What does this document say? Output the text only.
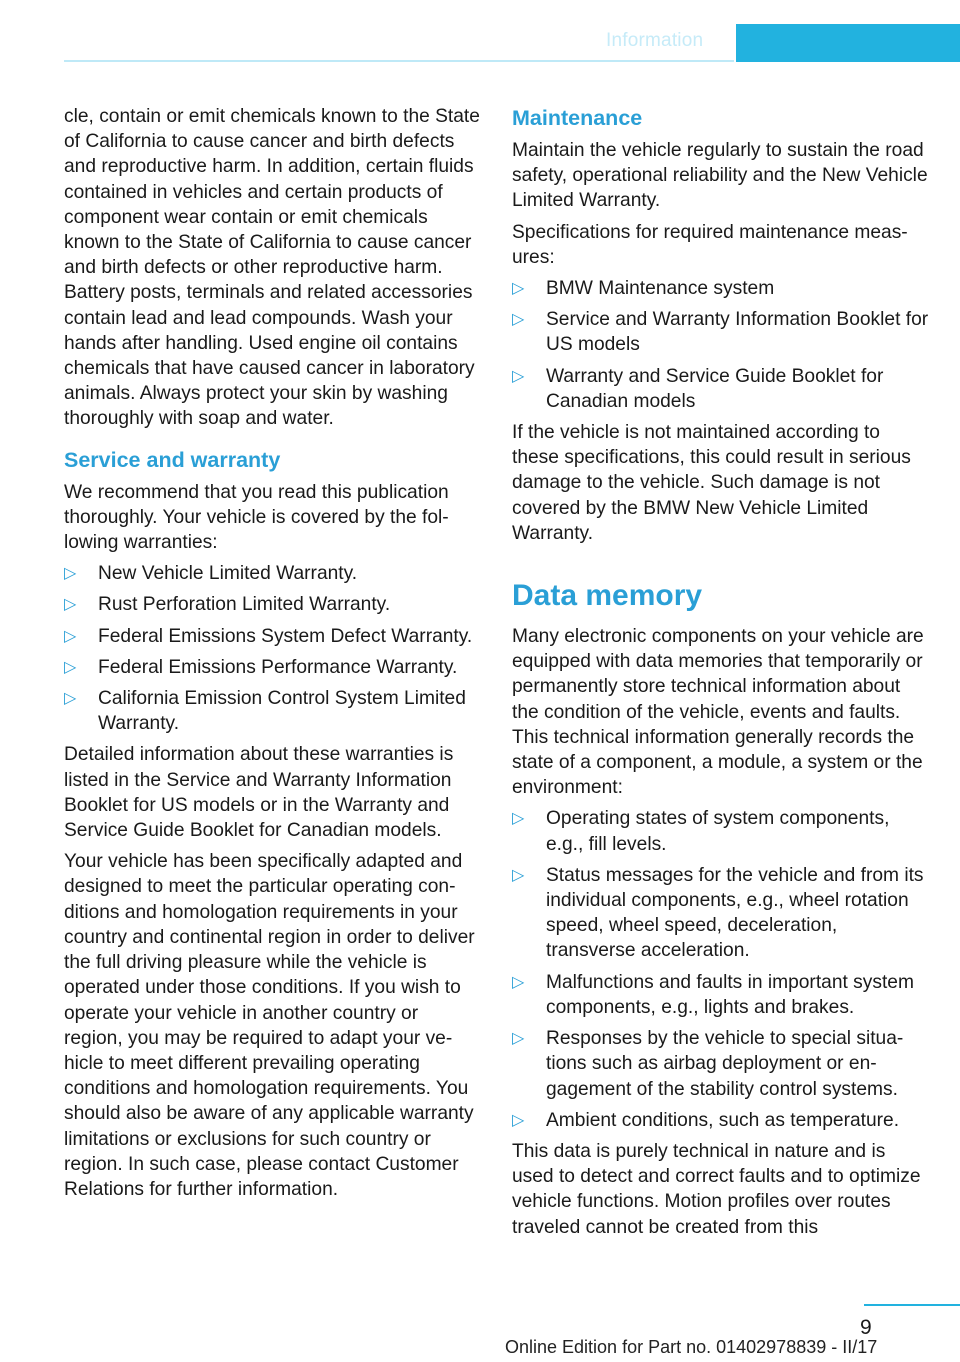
Information

cle, contain or emit chemicals known to the State of California to cause cancer and birth defects and reproductive harm. In addition, certain fluids contained in vehicles and certain products of component wear contain or emit chemicals known to the State of California to cause cancer and birth defects or other reproductive harm. Battery posts, terminals and related accessories contain lead and lead compounds. Wash your hands after handling. Used engine oil contains chemicals that have caused cancer in laboratory animals. Always protect your skin by washing thoroughly with soap and water.

Service and warranty

We recommend that you read this publication thoroughly. Your vehicle is covered by the following warranties:

▷ New Vehicle Limited Warranty.
▷ Rust Perforation Limited Warranty.
▷ Federal Emissions System Defect Warranty.
▷ Federal Emissions Performance Warranty.
▷ California Emission Control System Limited Warranty.

Detailed information about these warranties is listed in the Service and Warranty Information Booklet for US models or in the Warranty and Service Guide Booklet for Canadian models.

Your vehicle has been specifically adapted and designed to meet the particular operating conditions and homologation requirements in your country and continental region in order to deliver the full driving pleasure while the vehicle is operated under those conditions. If you wish to operate your vehicle in another country or region, you may be required to adapt your vehicle to meet different prevailing operating conditions and homologation requirements. You should also be aware of any applicable warranty limitations or exclusions for such country or region. In such case, please contact Customer Relations for further information.

Maintenance

Maintain the vehicle regularly to sustain the road safety, operational reliability and the New Vehicle Limited Warranty.

Specifications for required maintenance measures:

▷ BMW Maintenance system
▷ Service and Warranty Information Booklet for US models
▷ Warranty and Service Guide Booklet for Canadian models

If the vehicle is not maintained according to these specifications, this could result in serious damage to the vehicle. Such damage is not covered by the BMW New Vehicle Limited Warranty.

Data memory

Many electronic components on your vehicle are equipped with data memories that temporarily or permanently store technical information about the condition of the vehicle, events and faults. This technical information generally records the state of a component, a module, a system or the environment:

▷ Operating states of system components, e.g., fill levels.
▷ Status messages for the vehicle and from its individual components, e.g., wheel rotation speed, wheel speed, deceleration, transverse acceleration.
▷ Malfunctions and faults in important system components, e.g., lights and brakes.
▷ Responses by the vehicle to special situations such as airbag deployment or engagement of the stability control systems.
▷ Ambient conditions, such as temperature.

This data is purely technical in nature and is used to detect and correct faults and to optimize vehicle functions. Motion profiles over routes traveled cannot be created from this

9
Online Edition for Part no. 01402978839 - II/17
